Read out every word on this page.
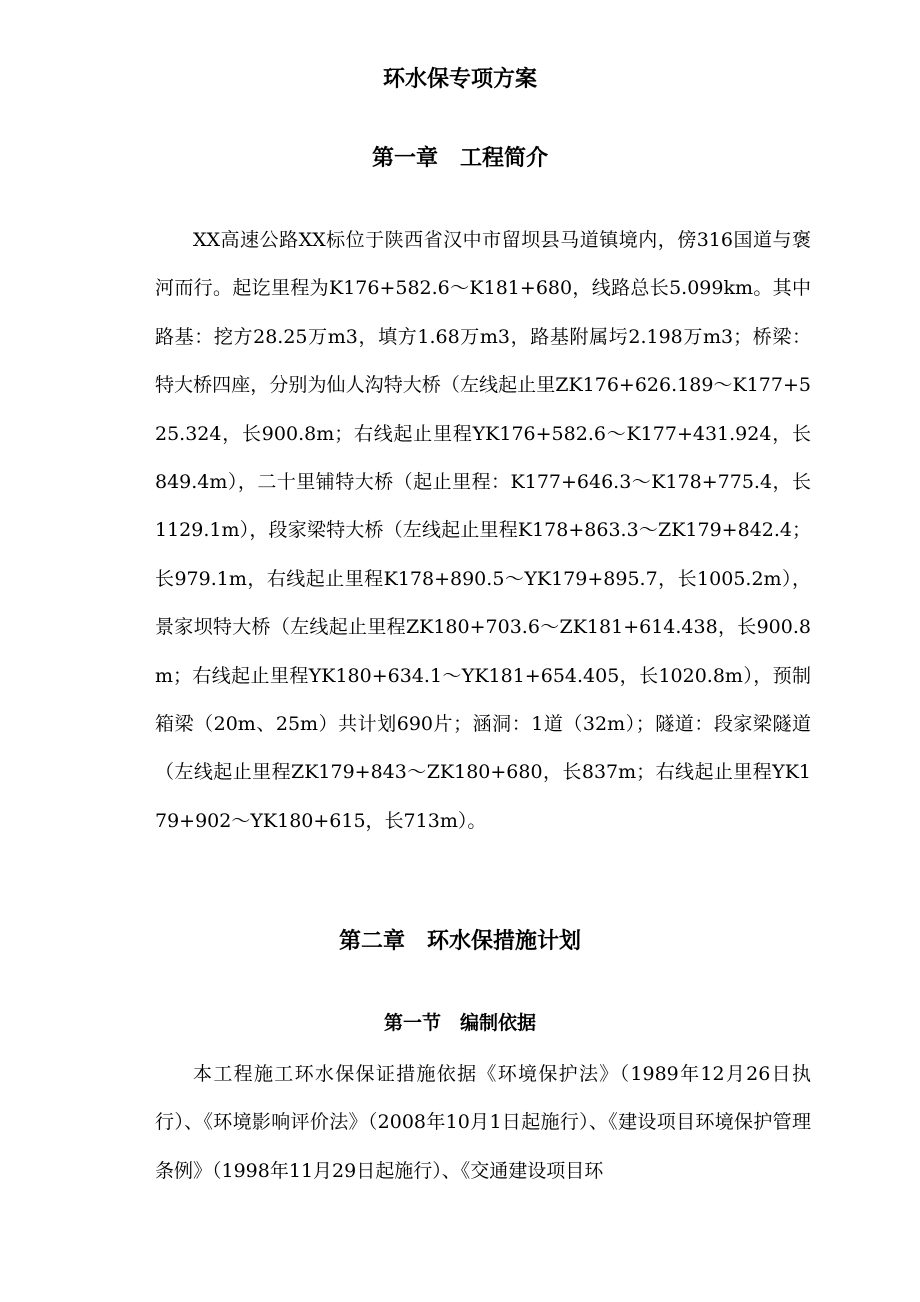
环水保专项方案
第一章　工程简介

XX高速公路XX标位于陕西省汉中市留坝县马道镇境内，傍316国道与褒河而行。起讫里程为K176+582.6～K181+680，线路总长5.099km。其中路基：挖方28.25万m3，填方1.68万m3，路基附属圬2.198万m3；桥梁：特大桥四座，分别为仙人沟特大桥（左线起止里ZK176+626.189～K177+525.324，长900.8m；右线起止里程YK176+582.6～K177+431.924，长849.4m），二十里铺特大桥（起止里程：K177+646.3～K178+775.4，长1129.1m），段家梁特大桥（左线起止里程K178+863.3～ZK179+842.4；长979.1m，右线起止里程K178+890.5～YK179+895.7，长1005.2m），景家坝特大桥（左线起止里程ZK180+703.6～ZK181+614.438，长900.8m；右线起止里程YK180+634.1～YK181+654.405，长1020.8m），预制箱梁（20m、25m）共计划690片；涵洞：1道（32m）；隧道：段家梁隧道（左线起止里程ZK179+843～ZK180+680，长837m；右线起止里程YK179+902～YK180+615，长713m）。

第二章　环水保措施计划
第一节　编制依据

本工程施工环水保保证措施依据《环境保护法》（1989年12月26日执行）、《环境影响评价法》（2008年10月1日起施行）、《建设项目环境保护管理条例》（1998年11月29日起施行）、《交通建设项目环
